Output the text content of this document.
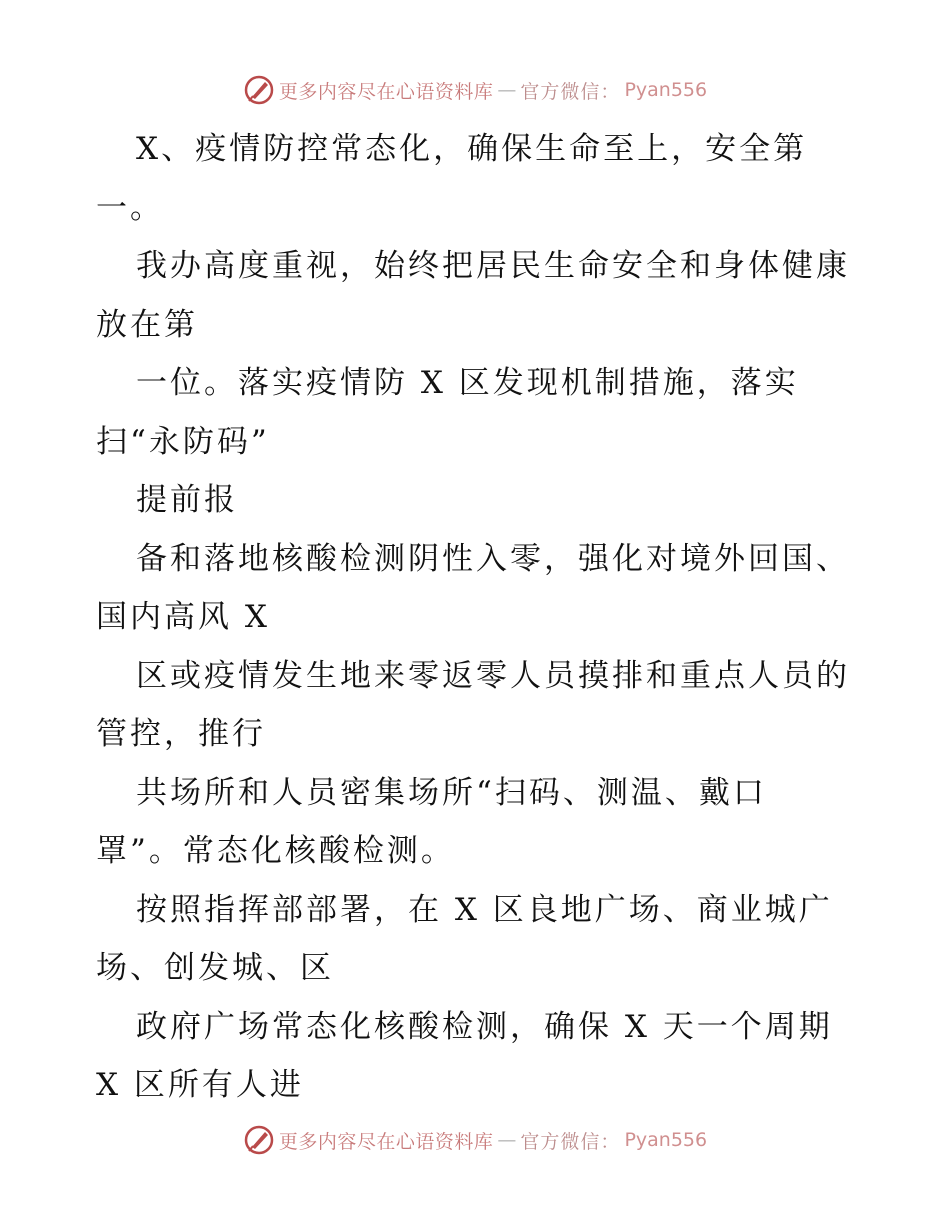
更多内容尽在心语资料库 — 官方微信： Pyan556
X、疫情防控常态化，确保生命至上，安全第
一。
我办高度重视，始终把居民生命安全和身体健康
放在第
一位。落实疫情防 X 区发现机制措施，落实
扫“永防码”
提前报
备和落地核酸检测阴性入零，强化对境外回国、
国内高风 X
区或疫情发生地来零返零人员摸排和重点人员的
管控，推行
共场所和人员密集场所“扫码、测温、戴口
罩”。常态化核酸检测。
按照指挥部部署，在 X 区良地广场、商业城广
场、创发城、区
政府广场常态化核酸检测，确保 X 天一个周期
X 区所有人进
更多内容尽在心语资料库 — 官方微信： Pyan556
